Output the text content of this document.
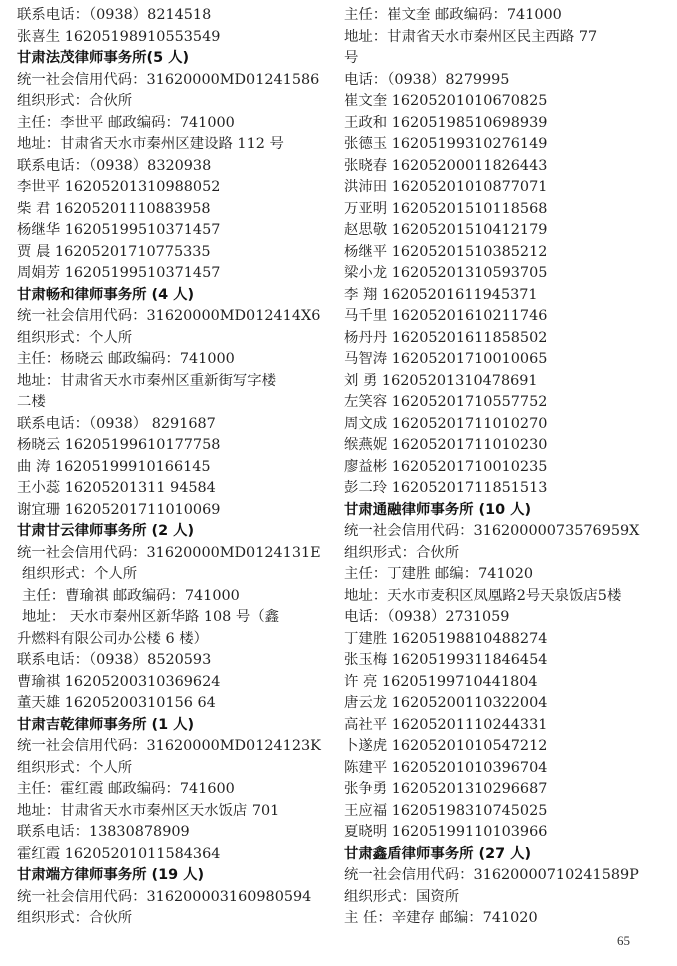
联系电话：（0938）8214518
张喜生 16205198910553549
甘肃法茂律师事务所(5 人)
统一社会信用代码：31620000MD01241586
组织形式：合伙所
主任：李世平 邮政编码：741000
地址：甘肃省天水市秦州区建设路 112 号
联系电话：（0938）8320938
李世平 16205201310988052
柴 君 16205201110883958
杨继华 16205199510371457
贾 晨 16205201710775335
周娟芳 16205199510371457
甘肃畅和律师事务所 (4 人)
统一社会信用代码：31620000MD012414X6
组织形式：个人所
主任：杨晓云 邮政编码：741000
地址：甘肃省天水市秦州区重新街写字楼
二楼
联系电话：（0938） 8291687
杨晓云 16205199610177758
曲 涛 16205199910166145
王小蕊 16205201311 94584
谢宜珊 16205201711010069
甘肃甘云律师事务所 (2 人)
统一社会信用代码：31620000MD0124131E
组织形式：个人所
主任：曹瑜祺 邮政编码：741000
地址： 天水市秦州区新华路 108 号（鑫
升燃料有限公司办公楼 6 楼）
联系电话：（0938）8520593
曹瑜祺 16205200310369624
董天雄 16205200310156 64
甘肃吉乾律师事务所 (1 人)
统一社会信用代码：31620000MD0124123K
组织形式：个人所
主任：霍红霞 邮政编码：741600
地址：甘肃省天水市秦州区天水饭店 701
联系电话：13830878909
霍红霞 16205201011584364
甘肃端方律师事务所 (19 人)
统一社会信用代码：316200003160980594
组织形式：合伙所
主任：崔文奎 邮政编码：741000
地址：甘肃省天水市秦州区民主西路 77
号
电话：（0938）8279995
崔文奎 16205201010670825
王政和 16205198510698939
张德玉 16205199310276149
张晓春 16205200011826443
洪沛田 16205201010877071
万亚明 16205201510118568
赵思敬 16205201510412179
杨继平 16205201510385212
梁小龙 16205201310593705
李 翔 16205201611945371
马千里 16205201610211746
杨丹丹 16205201611858502
马智涛 16205201710010065
刘 勇 16205201310478691
左笑容 16205201710557752
周文成 16205201711010270
缑燕妮 16205201711010230
廖益彬 16205201710010235
彭二玲 16205201711851513
甘肃通融律师事务所 (10 人)
统一社会信用代码：31620000073576959X
组织形式：合伙所
主任：丁建胜 邮编：741020
地址：天水市麦积区凤凰路2号天泉饭店5楼
电话：（0938）2731059
丁建胜 16205198810488274
张玉梅 16205199311846454
许 亮 16205199710441804
唐云龙 16205200110322004
高社平 16205201110244331
卜遂虎 16205201010547212
陈建平 16205201010396704
张争勇 16205201310296687
王应福 16205198310745025
夏晓明 16205199110103966
甘肃鑫盾律师事务所 (27 人)
统一社会信用代码：31620000710241589P
组织形式：国资所
主 任：辛建存 邮编：741020
65
